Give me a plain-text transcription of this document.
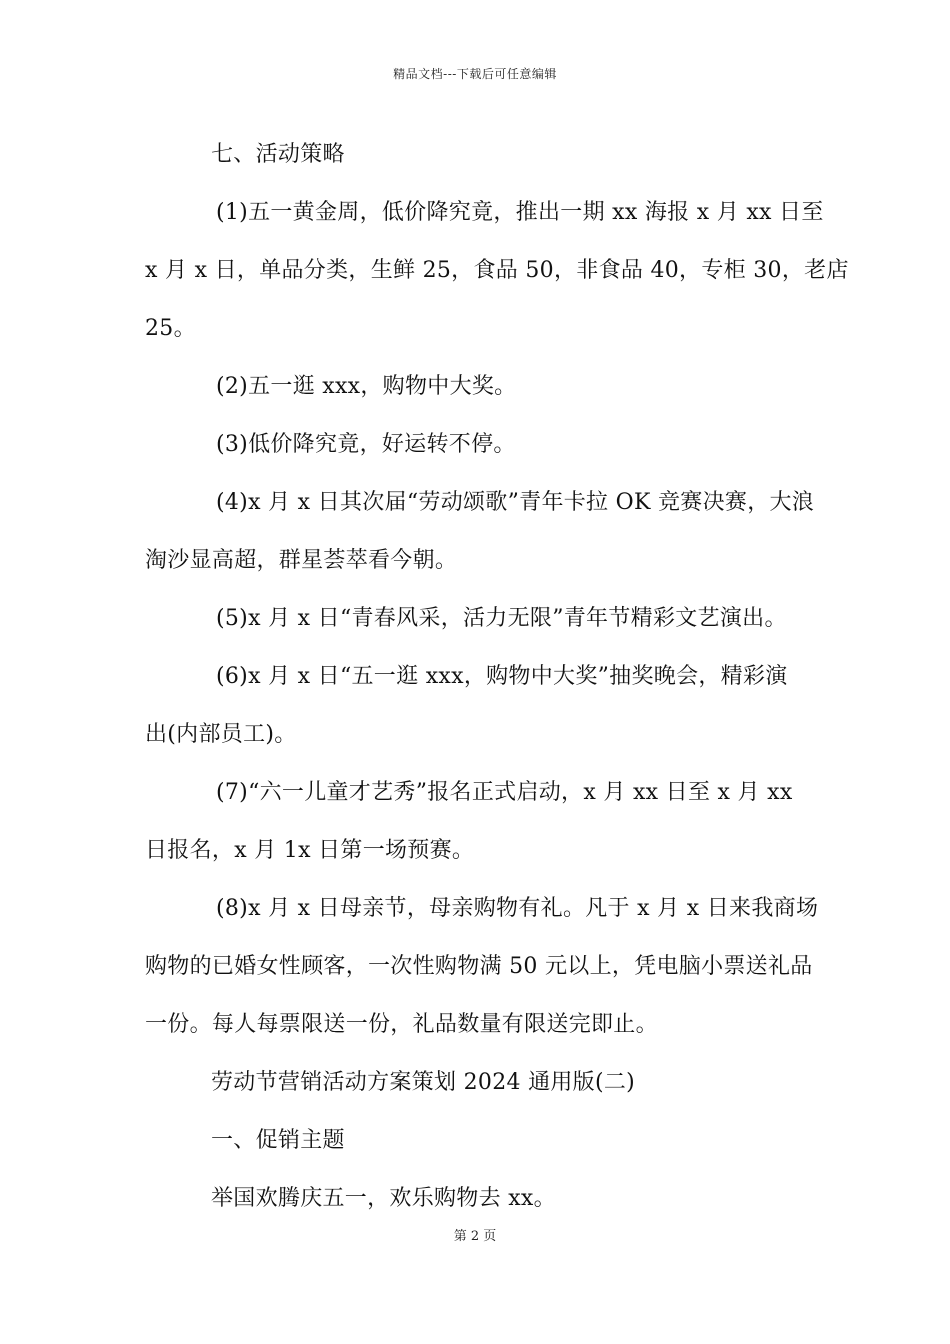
精品文档---下载后可任意编辑
七、活动策略
(1)五一黄金周，低价降究竟，推出一期 xx 海报 x 月 xx 日至
x 月 x 日，单品分类，生鲜 25，食品 50，非食品 40，专柜 30，老店
25。
(2)五一逛 xxx，购物中大奖。
(3)低价降究竟，好运转不停。
(4)x 月 x 日其次届“劳动颂歌”青年卡拉 OK 竞赛决赛，大浪
淘沙显高超，群星荟萃看今朝。
(5)x 月 x 日“青春风采，活力无限”青年节精彩文艺演出。
(6)x 月 x 日“五一逛 xxx，购物中大奖”抽奖晚会，精彩演
出(内部员工)。
(7)“六一儿童才艺秀”报名正式启动，x 月 xx 日至 x 月 xx
日报名，x 月 1x 日第一场预赛。
(8)x 月 x 日母亲节，母亲购物有礼。凡于 x 月 x 日来我商场
购物的已婚女性顾客，一次性购物满 50 元以上，凭电脑小票送礼品
一份。每人每票限送一份，礼品数量有限送完即止。
劳动节营销活动方案策划 2024 通用版(二)
一、促销主题
举国欢腾庆五一，欢乐购物去 xx。
第 2 页
